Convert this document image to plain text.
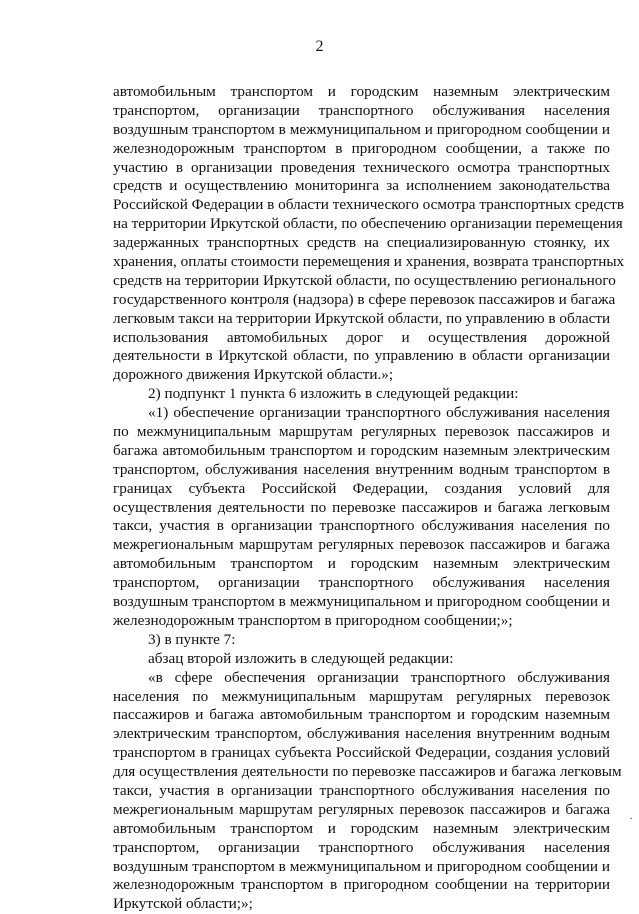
2
автомобильным транспортом и городским наземным электрическим
транспортом, организации транспортного обслуживания населения
воздушным транспортом в межмуниципальном и пригородном сообщении и
железнодорожным транспортом в пригородном сообщении, а также по
участию в организации проведения технического осмотра транспортных
средств и осуществлению мониторинга за исполнением законодательства
Российской Федерации в области технического осмотра транспортных средств
на территории Иркутской области, по обеспечению организации перемещения
задержанных транспортных средств на специализированную стоянку, их
хранения, оплаты стоимости перемещения и хранения, возврата транспортных
средств на территории Иркутской области, по осуществлению регионального
государственного контроля (надзора) в сфере перевозок пассажиров и багажа
легковым такси на территории Иркутской области, по управлению в области
использования автомобильных дорог и осуществления дорожной
деятельности в Иркутской области, по управлению в области организации
дорожного движения Иркутской области.»;
2) подпункт 1 пункта 6 изложить в следующей редакции:
«1) обеспечение организации транспортного обслуживания населения
по межмуниципальным маршрутам регулярных перевозок пассажиров и
багажа автомобильным транспортом и городским наземным электрическим
транспортом, обслуживания населения внутренним водным транспортом в
границах субъекта Российской Федерации, создания условий для
осуществления деятельности по перевозке пассажиров и багажа легковым
такси, участия в организации транспортного обслуживания населения по
межрегиональным маршрутам регулярных перевозок пассажиров и багажа
автомобильным транспортом и городским наземным электрическим
транспортом, организации транспортного обслуживания населения
воздушным транспортом в межмуниципальном и пригородном сообщении и
железнодорожным транспортом в пригородном сообщении;»;
3) в пункте 7:
абзац второй изложить в следующей редакции:
«в сфере обеспечения организации транспортного обслуживания
населения по межмуниципальным маршрутам регулярных перевозок
пассажиров и багажа автомобильным транспортом и городским наземным
электрическим транспортом, обслуживания населения внутренним водным
транспортом в границах субъекта Российской Федерации, создания условий
для осуществления деятельности по перевозке пассажиров и багажа легковым
такси, участия в организации транспортного обслуживания населения по
межрегиональным маршрутам регулярных перевозок пассажиров и багажа
автомобильным транспортом и городским наземным электрическим
транспортом, организации транспортного обслуживания населения
воздушным транспортом в межмуниципальном и пригородном сообщении и
железнодорожным транспортом в пригородном сообщении на территории
Иркутской области;»;
·
